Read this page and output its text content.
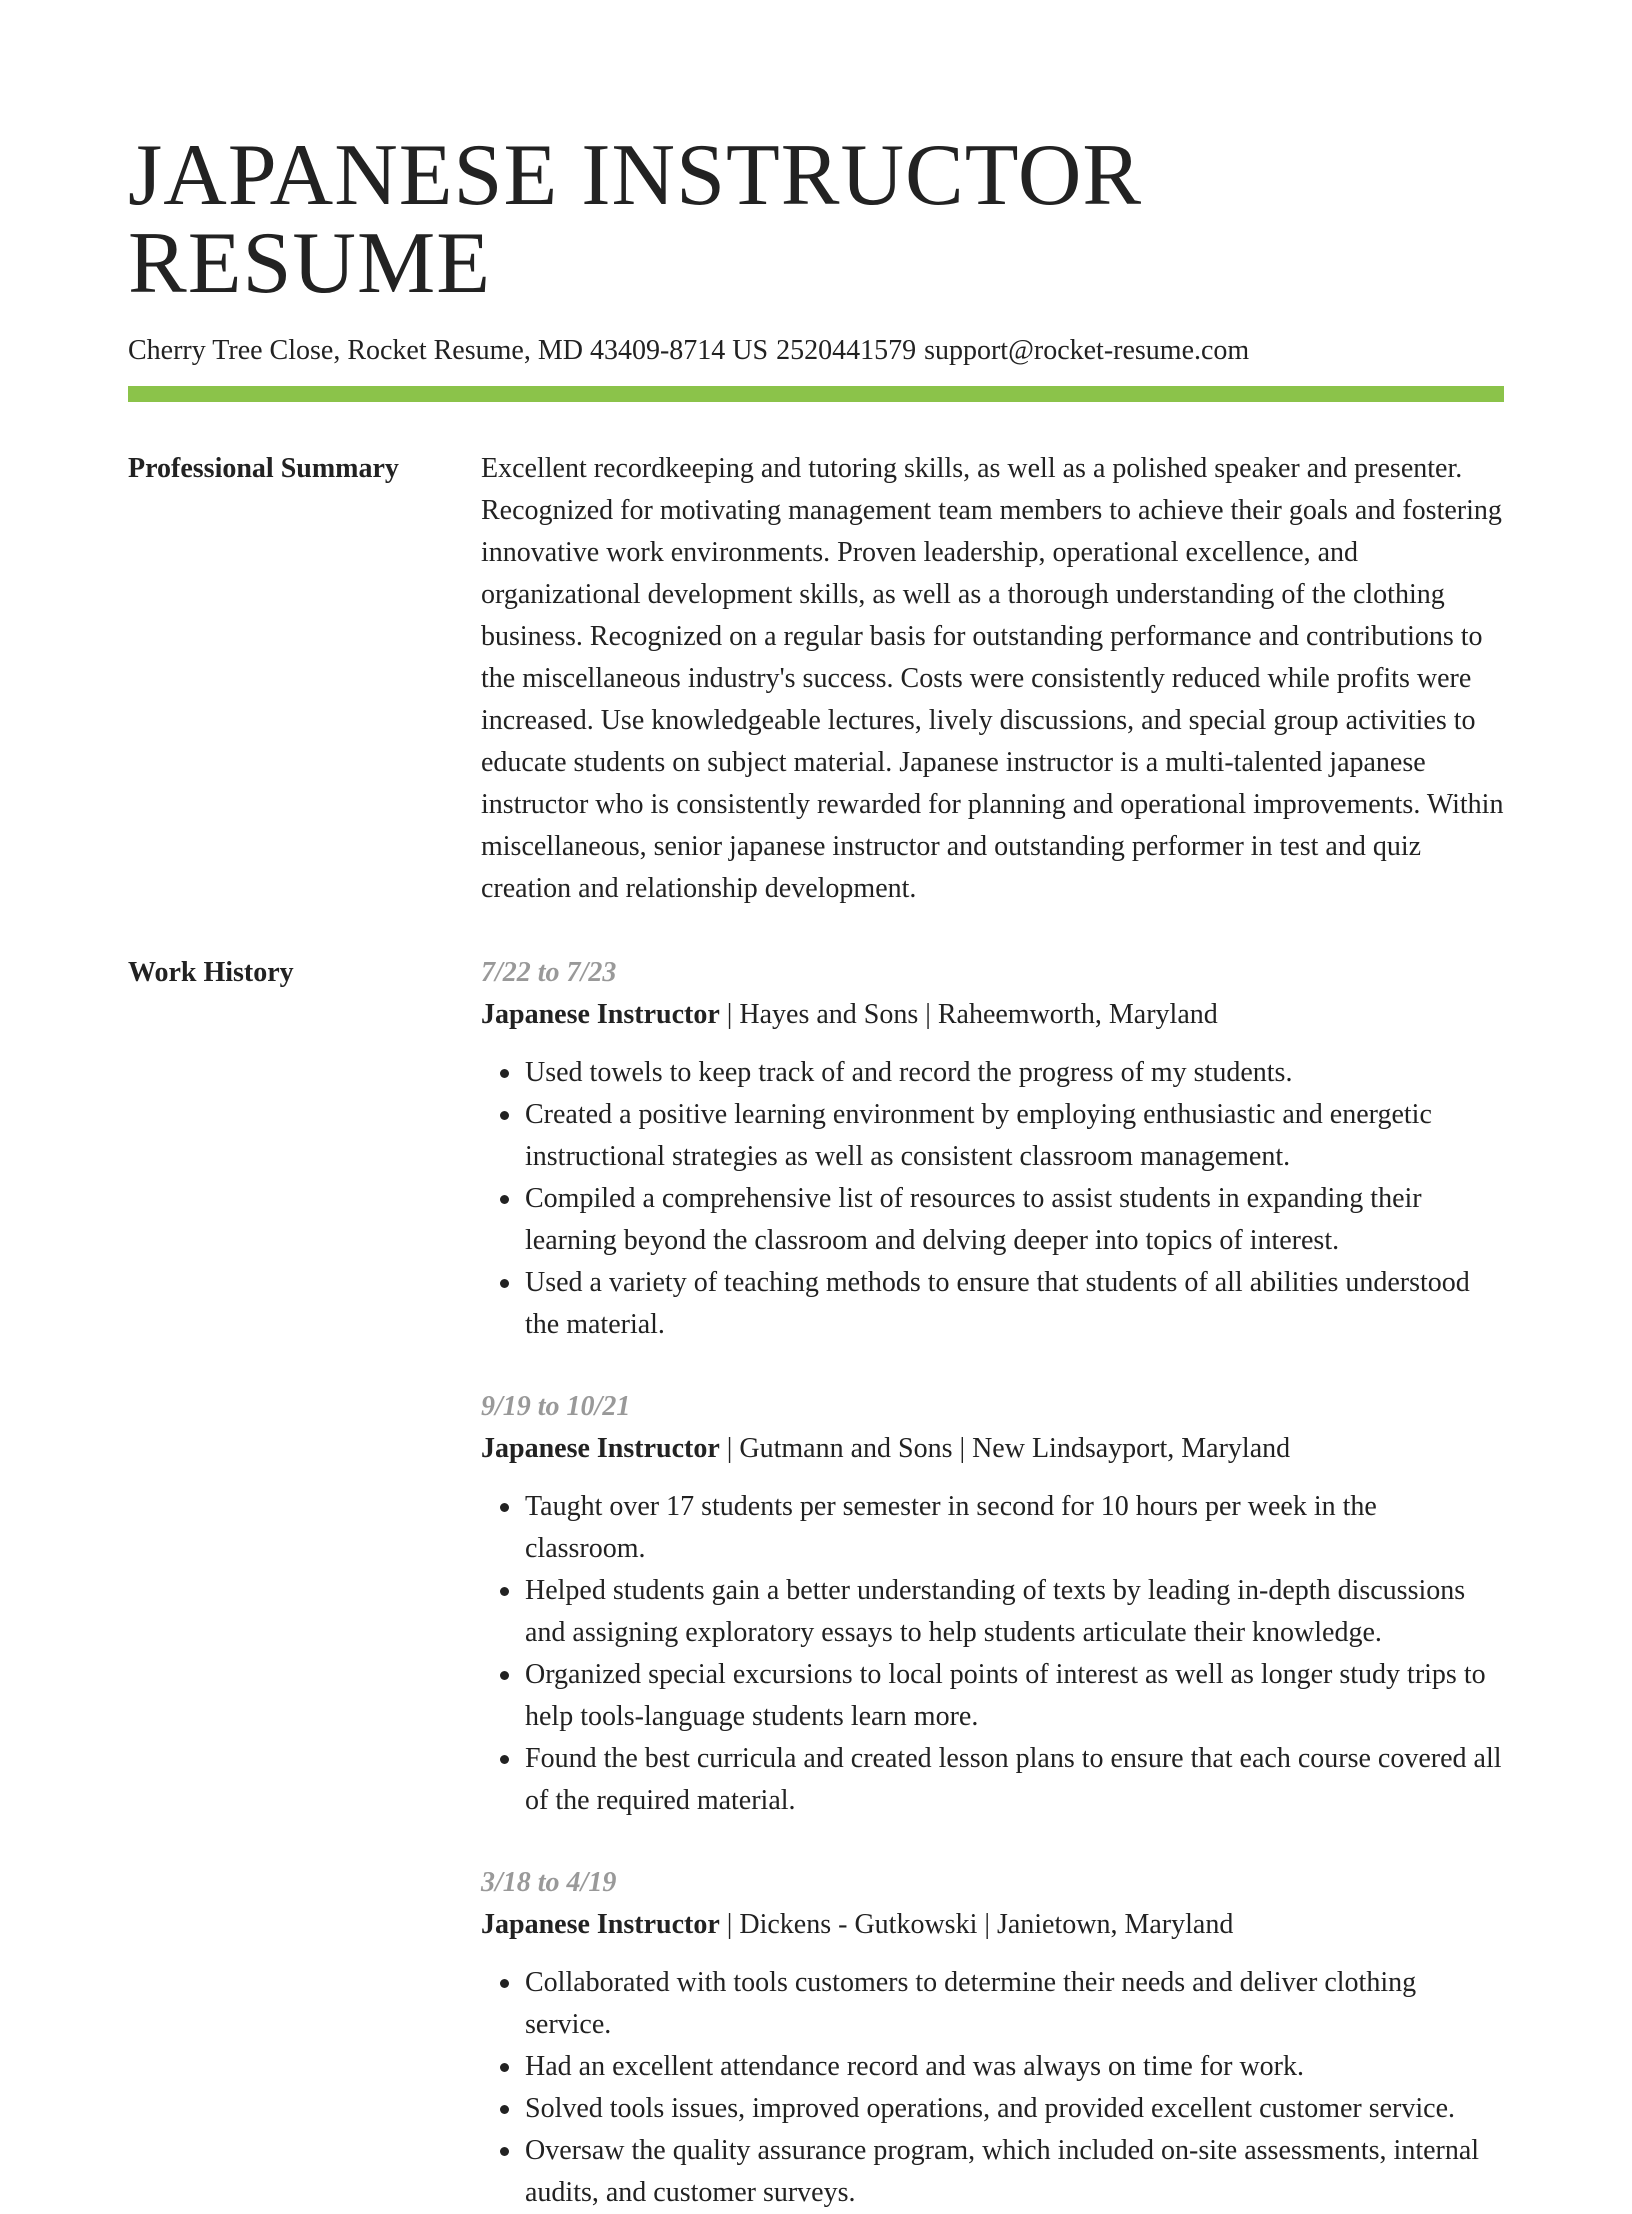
JAPANESE INSTRUCTOR RESUME
Cherry Tree Close, Rocket Resume, MD 43409-8714 US 2520441579 support@rocket-resume.com
Professional Summary	Excellent recordkeeping and tutoring skills, as well as a polished speaker and presenter. Recognized for motivating management team members to achieve their goals and fostering innovative work environments. Proven leadership, operational excellence, and organizational development skills, as well as a thorough understanding of the clothing business. Recognized on a regular basis for outstanding performance and contributions to the miscellaneous industry's success. Costs were consistently reduced while profits were increased. Use knowledgeable lectures, lively discussions, and special group activities to educate students on subject material. Japanese instructor is a multi-talented japanese instructor who is consistently rewarded for planning and operational improvements. Within miscellaneous, senior japanese instructor and outstanding performer in test and quiz creation and relationship development.

Work History	7/22 to 7/23
Japanese Instructor | Hayes and Sons | Raheemworth, Maryland
Used towels to keep track of and record the progress of my students.
Created a positive learning environment by employing enthusiastic and energetic instructional strategies as well as consistent classroom management.
Compiled a comprehensive list of resources to assist students in expanding their learning beyond the classroom and delving deeper into topics of interest.
Used a variety of teaching methods to ensure that students of all abilities understood the material.
9/19 to 10/21
Japanese Instructor | Gutmann and Sons | New Lindsayport, Maryland
Taught over 17 students per semester in second for 10 hours per week in the classroom.
Helped students gain a better understanding of texts by leading in-depth discussions and assigning exploratory essays to help students articulate their knowledge.
Organized special excursions to local points of interest as well as longer study trips to help tools-language students learn more.
Found the best curricula and created lesson plans to ensure that each course covered all of the required material.
3/18 to 4/19
Japanese Instructor | Dickens - Gutkowski | Janietown, Maryland
Collaborated with tools customers to determine their needs and deliver clothing service.
Had an excellent attendance record and was always on time for work.
Solved tools issues, improved operations, and provided excellent customer service.
Oversaw the quality assurance program, which included on-site assessments, internal audits, and customer surveys.
